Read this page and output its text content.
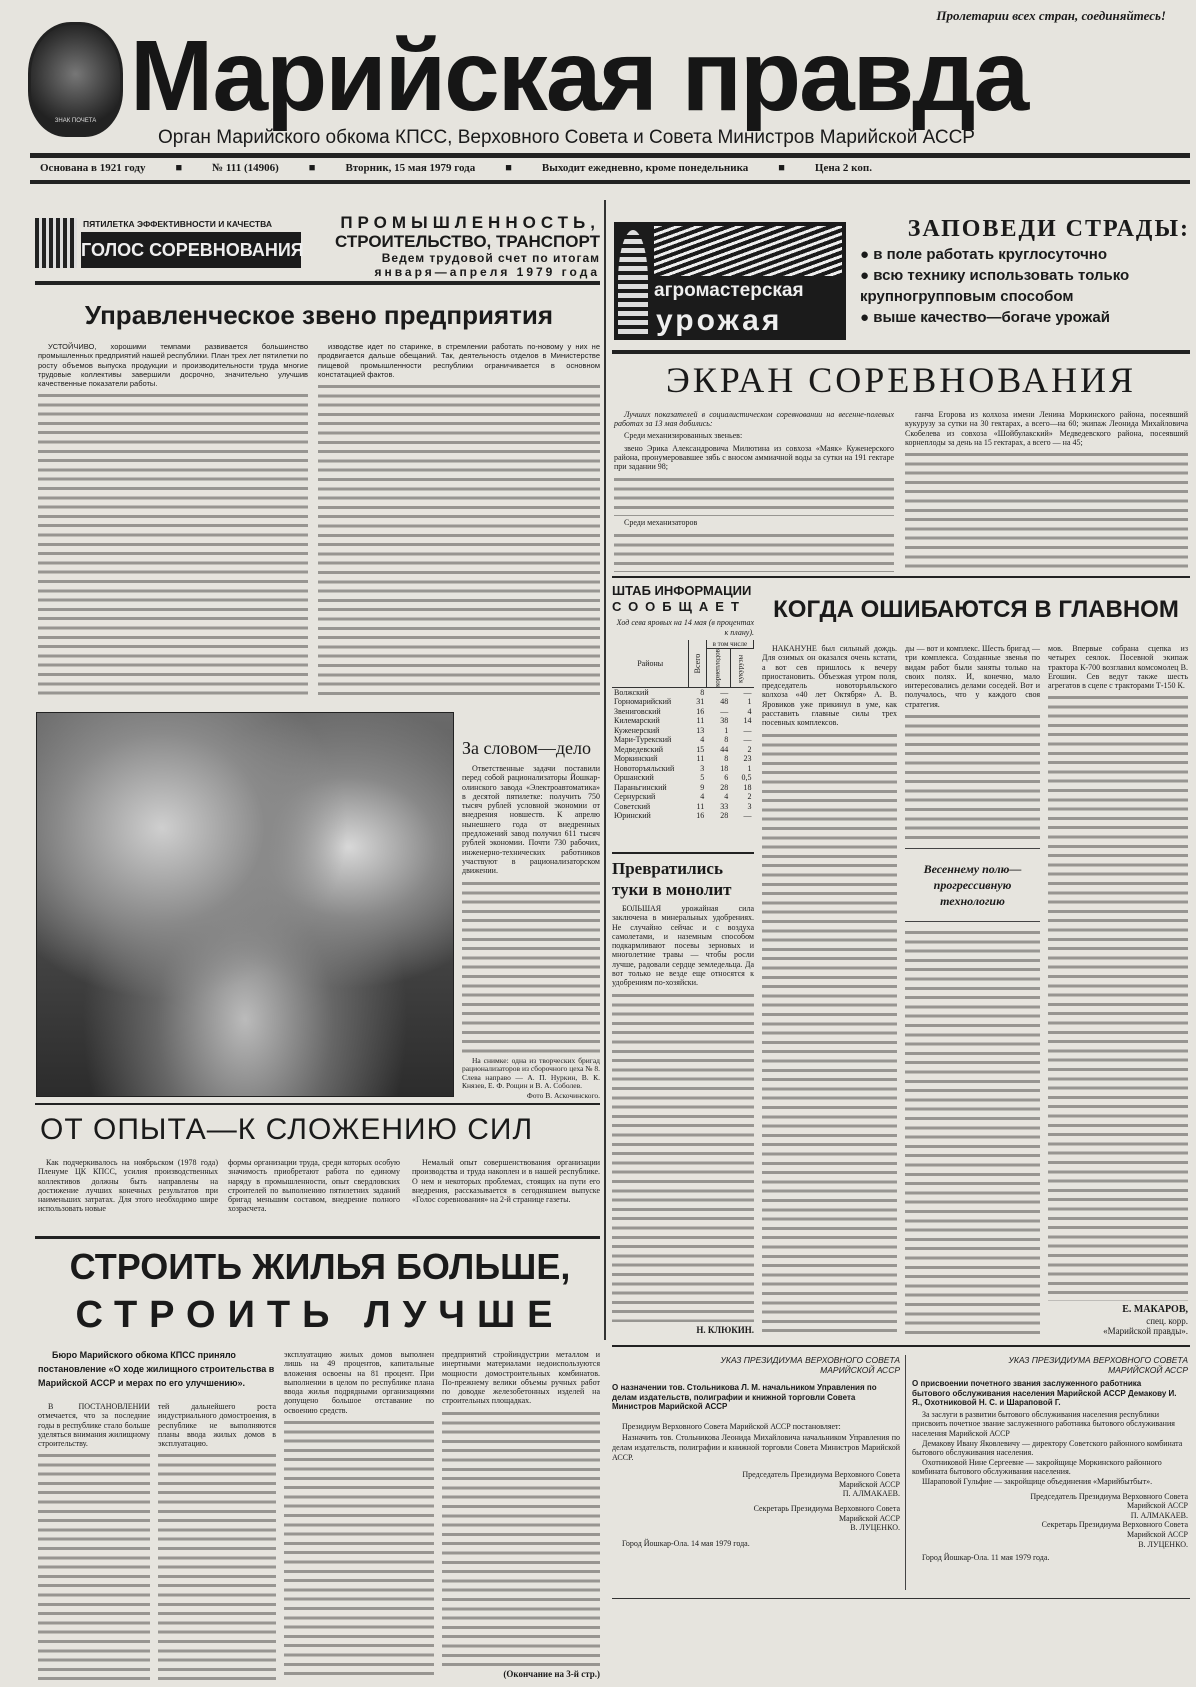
ЗНАК ПОЧЕТА
Пролетарии всех стран, соединяйтесь!
Марийская правда
Орган Марийского обкома КПСС, Верховного Совета и Совета Министров Марийской АССР
Основана в 1921 году	■	№ 111 (14906)	■	Вторник, 15 мая 1979 года	■	Выходит ежедневно, кроме понедельника	■	Цена 2 коп.
ПЯТИЛЕТКА ЭФФЕКТИВНОСТИ И КАЧЕСТВА
ГОЛОС СОРЕВНОВАНИЯ
ПРОМЫШЛЕННОСТЬ,
СТРОИТЕЛЬСТВО, ТРАНСПОРТ
Ведем трудовой счет по итогам
января—апреля 1979 года
Управленческое звено предприятия
УСТОЙЧИВО, хорошими темпами развивается большинство промышленных предприятий нашей республики. План трех лет пятилетки по росту объемов выпуска продукции и производительности труда многие трудовые коллективы завершили досрочно, значительно улучшив качественные показатели работы.
изводстве идет по старинке, в стремлении работать по-новому у них не продвигается дальше обещаний. Так, деятельность отделов в Министерстве пищевой промышленности республики ограничивается в основном констатацией фактов.
За словом—дело
Ответственные задачи поставили перед собой рационализаторы Йошкар-олинского завода «Электроавтоматика» в десятой пятилетке: получить 750 тысяч рублей условной экономии от внедрения новшеств. К апрелю нынешнего года от внедренных предложений завод получил 611 тысяч рублей экономии. Почти 730 рабочих, инженерно-технических работников участвуют в рационализаторском движении.
На снимке: одна из творческих бригад рационализаторов из сборочного цеха № 8. Слева направо — А. П. Нуркин, В. К. Князев, Е. Ф. Рощин и В. А. Соболев.
Фото В. Аскочинского.
ОТ ОПЫТА—К СЛОЖЕНИЮ СИЛ
Как подчеркивалось на ноябрьском (1978 года) Пленуме ЦК КПСС, усилия производственных коллективов должны быть направлены на достижение лучших конечных результатов при наименьших затратах. Для этого необходимо шире использовать новые
формы организации труда, среди которых особую значимость приобретают работа по единому наряду в промышленности, опыт свердловских строителей по выполнению пятилетних заданий бригад меньшим составом, внедрение полного хозрасчета.
Немалый опыт совершенствования организации производства и труда накоплен и в нашей республике. О нем и некоторых проблемах, стоящих на пути его внедрения, рассказывается в сегодняшнем выпуске «Голос соревнования» на 2-й странице газеты.
СТРОИТЬ ЖИЛЬЯ БОЛЬШЕ,
СТРОИТЬ ЛУЧШЕ
Бюро Марийского обкома КПСС приняло постановление «О ходе жилищного строительства в Марийской АССР и мерах по его улучшению».
В ПОСТАНОВЛЕНИИ отмечается, что за последние годы в республике стало больше уделяться внимания жилищному строительству.
тей дальнейшего роста индустриального домостроения, в республике не выполняются планы ввода жилых домов в эксплуатацию.
эксплуатацию жилых домов выполнен лишь на 49 процентов, капитальные вложения освоены на 81 процент. При выполнении в целом по республике плана ввода жилья подрядными организациями допущено большое отставание по освоению средств.
предприятий стройиндустрии металлом и инертными материалами недоиспользуются мощности домостроительных комбинатов. По-прежнему велики объемы ручных работ по доводке железобетонных изделей на строительных площадках.
(Окончание на 3-й стр.)
агромастерская
урожая
ЗАПОВЕДИ СТРАДЫ:
● в поле работать круглосуточно
● всю технику использовать только крупногрупповым способом
● выше качество—богаче урожай
ЭКРАН СОРЕВНОВАНИЯ
Лучших показателей в социалистическом соревновании на весенне-полевых работах за 13 мая добились:
Среди механизированных звеньев:
звено Эрика Александровича Милютина из совхоза «Маяк» Куженерского района, пронумеровавшее зябь с вносом аммиачной воды за сутки на 191 гектаре при задании 98;
Среди механизаторов
ганча Егорова из колхоза имени Ленина Моркинского района, посеявший кукурузу за сутки на 30 гектарах, а всего—на 60; экипаж Леонида Михайловича Скобелева из совхоза «Шойбулакский» Медведевского района, посеявший корнеплоды за день на 15 гектарах, а всего — на 45;
ШТАБ ИНФОРМАЦИИ
СООБЩАЕТ
Ход сева яровых на 14 мая (в процентах к плану).
Районы	Всего	в том числе	
		корнеплодов	кукурузы
Волжский	8	—	—
Горномарийский	31	48	1
Звениговский	16	—	4
Килемарский	11	38	14
Куженерский	13	1	—
Мари-Турекский	4	8	—
Медведевский	15	44	2
Моркинский	11	8	23
Новоторъяльский	3	18	1
Оршанский	5	6	0,5
Параньгинский	9	28	18
Сернурский	4	4	2
Советский	11	33	3
Юринский	16	28	—
КОГДА ОШИБАЮТСЯ В ГЛАВНОМ
НАКАНУНЕ был сильный дождь. Для озимых он оказался очень кстати, а вот сев пришлось к вечеру приостановить. Объезжая утром поля, председатель новоторъяльского колхоза «40 лет Октября» А. В. Яровиков уже прикинул в уме, как расставить главные силы трех посевных комплексов.
ды — вот и комплекс. Шесть бригад — три комплекса. Созданные звенья по видам работ были заняты только на своих полях. И, конечно, мало интересовались делами соседей. Вот и получалось, что у каждого своя стратегия.
Весеннему полю—прогрессивную технологию
мов. Впервые собрана сцепка из четырех сеялок. Посевной экипаж трактора К-700 возглавил комсомолец В. Егошин. Сев ведут также шесть агрегатов в сцепе с тракторами Т-150 К.
Е. МАКАРОВ,
спец. корр.
«Марийской правды».
Превратились туки в монолит
БОЛЬШАЯ урожайная сила заключена в минеральных удобрениях. Не случайно сейчас и с воздуха самолетами, и наземным способом подкармливают посевы зерновых и многолетние травы — чтобы росли лучше, радовали сердце земледельца. Да вот только не везде еще относятся к удобрениям по-хозяйски.
Н. КЛЮКИН.
УКАЗ ПРЕЗИДИУМА ВЕРХОВНОГО СОВЕТА МАРИЙСКОЙ АССР
О назначении тов. Стольникова Л. М. начальником Управления по делам издательств, полиграфии и книжной торговли Совета Министров Марийской АССР
Президиум Верховного Совета Марийской АССР постановляет:
Назначить тов. Стольникова Леонида Михайловича начальником Управления по делам издательств, полиграфии и книжной торговли Совета Министров Марийской АССР.
Председатель Президиума Верховного Совета Марийской АССР
П. АЛМАКАЕВ.
Секретарь Президиума Верховного Совета Марийской АССР
В. ЛУЦЕНКО.
Город Йошкар-Ола. 14 мая 1979 года.
УКАЗ ПРЕЗИДИУМА ВЕРХОВНОГО СОВЕТА МАРИЙСКОЙ АССР
О присвоении почетного звания заслуженного работника бытового обслуживания населения Марийской АССР Демакову И. Я., Охотниковой Н. С. и Шараповой Г.
За заслуги в развитии бытового обслуживания населения республики присвоить почетное звание заслуженного работника бытового обслуживания населения Марийской АССР
Демакову Ивану Яковлевичу — директору Советского районного комбината бытового обслуживания населения.
Охотниковой Нине Сергеевне — закройщице Моркинского районного комбината бытового обслуживания населения.
Шараповой Гульфие — закройщице объединения «Марийбытбыт».
Председатель Президиума Верховного Совета Марийской АССР
П. АЛМАКАЕВ.
Секретарь Президиума Верховного Совета Марийской АССР
В. ЛУЦЕНКО.
Город Йошкар-Ола. 11 мая 1979 года.
